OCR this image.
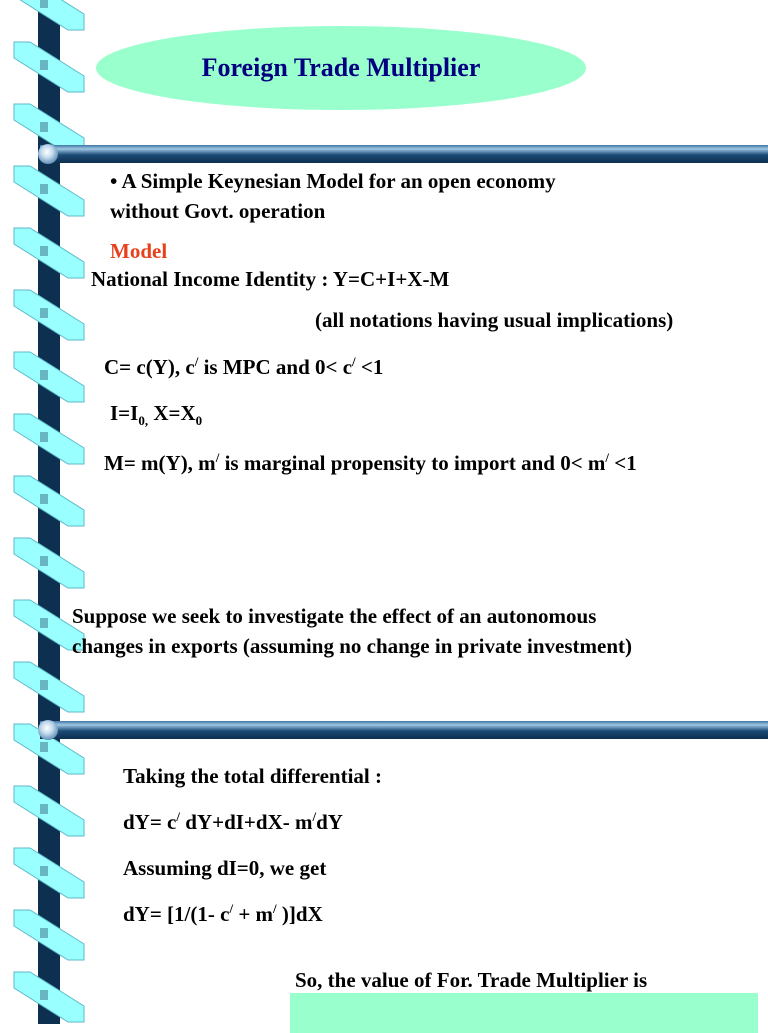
Foreign Trade Multiplier
• A Simple Keynesian Model for an open economy
without Govt. operation
Model
National Income Identity : Y=C+I+X-M
(all notations having usual implications)
C= c(Y), c/ is MPC and 0< c/ <1
$I=I_{0,}$ $X=X_0$
M= m(Y), m/ is marginal propensity to import and 0< m/ <1
Suppose we seek to investigate the effect of an autonomous
changes in exports (assuming no change in private investment)
Taking the total differential :
dY= c/ dY+dI+dX- m/dY
Assuming dI=0, we get
dY= [1/(1- c/ + m/ )]dX
So, the value of For. Trade Multiplier is
